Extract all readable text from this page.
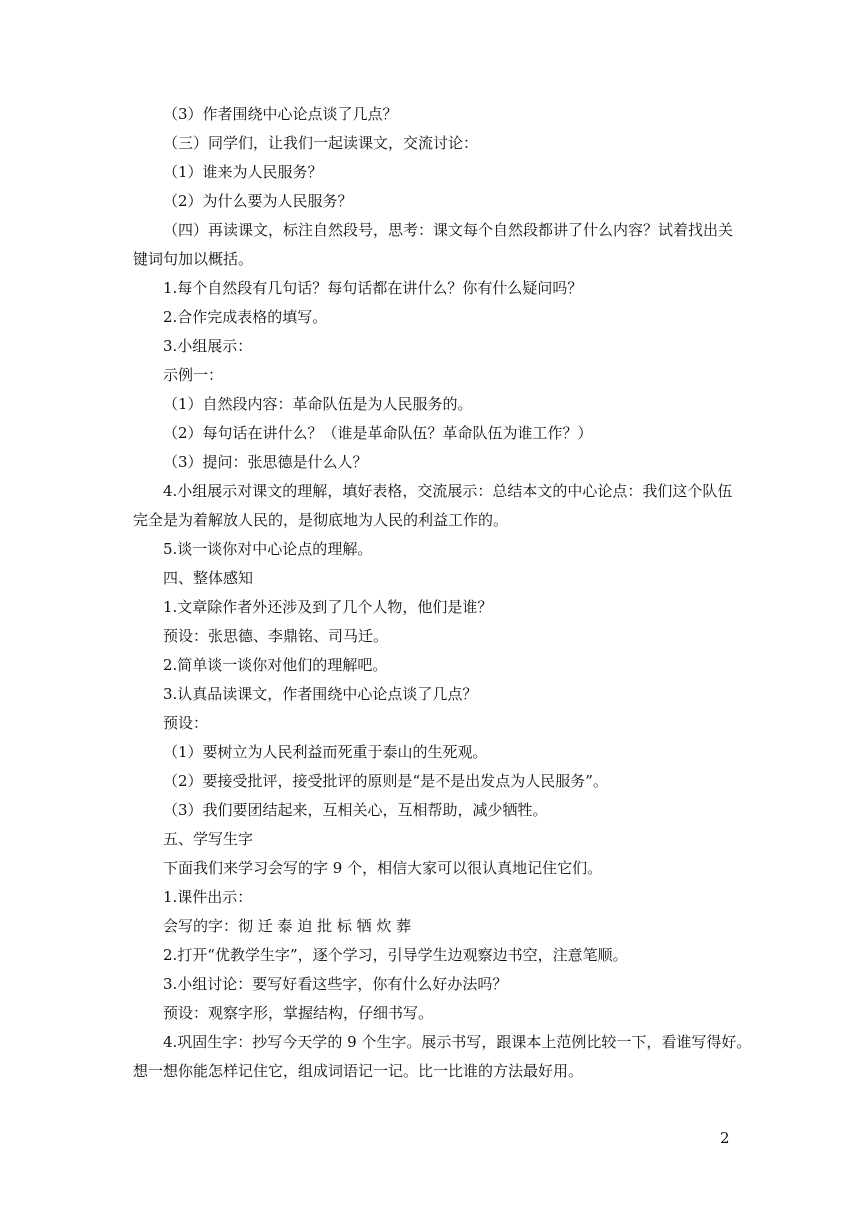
（3）作者围绕中心论点谈了几点？
（三）同学们，让我们一起读课文，交流讨论：
（1）谁来为人民服务？
（2）为什么要为人民服务？
（四）再读课文，标注自然段号，思考：课文每个自然段都讲了什么内容？试着找出关
键词句加以概括。
1.每个自然段有几句话？每句话都在讲什么？你有什么疑问吗？
2.合作完成表格的填写。
3.小组展示：
示例一：
（1）自然段内容：革命队伍是为人民服务的。
（2）每句话在讲什么？（谁是革命队伍？革命队伍为谁工作？）
（3）提问：张思德是什么人？
4.小组展示对课文的理解，填好表格，交流展示：总结本文的中心论点：我们这个队伍
完全是为着解放人民的，是彻底地为人民的利益工作的。
5.谈一谈你对中心论点的理解。
四、整体感知
1.文章除作者外还涉及到了几个人物，他们是谁？
预设：张思德、李鼎铭、司马迁。
2.简单谈一谈你对他们的理解吧。
3.认真品读课文，作者围绕中心论点谈了几点？
预设：
（1）要树立为人民利益而死重于泰山的生死观。
（2）要接受批评，接受批评的原则是“是不是出发点为人民服务”。
（3）我们要团结起来，互相关心，互相帮助，减少牺牲。
五、学写生字
下面我们来学习会写的字 9 个，相信大家可以很认真地记住它们。
1.课件出示：
会写的字：彻 迁 泰 迫 批 标 牺 炊 葬
2.打开“优教学生字”，逐个学习，引导学生边观察边书空，注意笔顺。
3.小组讨论：要写好看这些字，你有什么好办法吗？
预设：观察字形，掌握结构，仔细书写。
4.巩固生字：抄写今天学的 9 个生字。展示书写，跟课本上范例比较一下，看谁写得好。
想一想你能怎样记住它，组成词语记一记。比一比谁的方法最好用。
2
